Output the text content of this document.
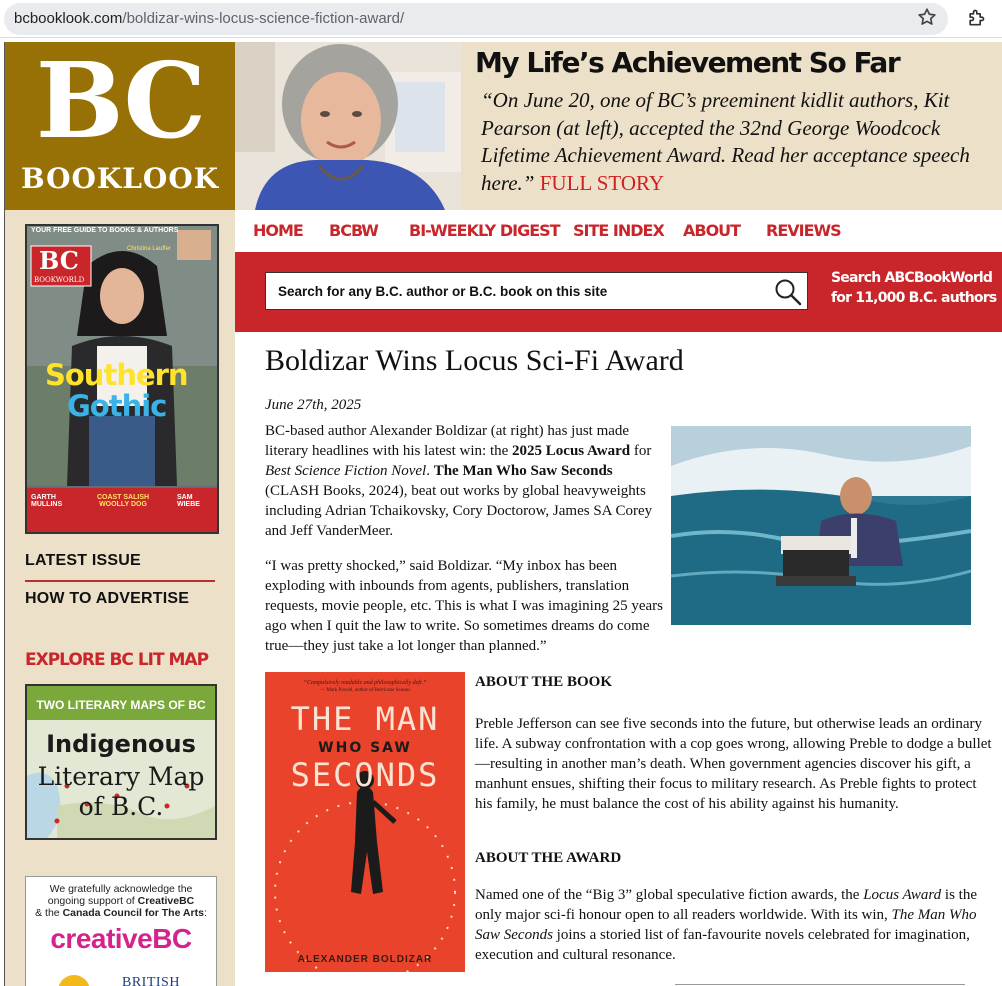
bcbooklook.com/boldizar-wins-locus-science-fiction-award/
BC
BOOKLOOK
My Life’s Achievement So Far
“On June 20, one of BC’s preeminent kidlit authors, Kit Pearson (at left), accepted the 32nd George Woodcock Lifetime Achievement Award. Read her acceptance speech here.” FULL STORY
YOUR FREE GUIDE TO BOOKS & AUTHORS
BC
BOOKWORLD
Christina Lauffer
Southern
Gothic
GARTH MULLINS
COAST SALISH WOOLLY DOG
SAM WIEBE
LATEST ISSUE
HOW TO ADVERTISE
EXPLORE BC LIT MAP
TWO LITERARY MAPS OF BC
Indigenous
Literary Map
of B.C.
We gratefully acknowledge the
ongoing support of CreativeBC
& the Canada Council for The Arts:
creativeBC
BRITISH
HOME BCBW BI-WEEKLY DIGEST SITE INDEX ABOUT REVIEWS
Search for any B.C. author or B.C. book on this site
Search ABCBookWorld
for 11,000 B.C. authors
Boldizar Wins Locus Sci-Fi Award
June 27th, 2025
BC-based author Alexander Boldizar (at right) has just made literary headlines with his latest win: the 2025 Locus Award for Best Science Fiction Novel. The Man Who Saw Seconds (CLASH Books, 2024), beat out works by global heavyweights including Adrian Tchaikovsky, Cory Doctorow, James SA Corey and Jeff VanderMeer.
“I was pretty shocked,” said Boldizar. “My inbox has been exploding with inbounds from agents, publishers, translation requests, movie people, etc. This is what I was imagining 25 years ago when I quit the law to write. So sometimes dreams do come true—they just take a lot longer than planned.”
“Compulsively readable and philosophically deft.”
— Mark Powell, author of Hurricane Season
THE MAN
WHO SAW
SECONDS
ALEXANDER BOLDIZAR
ABOUT THE BOOK
Preble Jefferson can see five seconds into the future, but otherwise leads an ordinary life. A subway confrontation with a cop goes wrong, allowing Preble to dodge a bullet—resulting in another man’s death. When government agencies discover his gift, a manhunt ensues, shifting their focus to military research. As Preble fights to protect his family, he must balance the cost of his ability against his humanity.
ABOUT THE AWARD
Named one of the “Big 3” global speculative fiction awards, the Locus Award is the only major sci-fi honour open to all readers worldwide. With its win, The Man Who Saw Seconds joins a storied list of fan-favourite novels celebrated for imagination, execution and cultural resonance.
